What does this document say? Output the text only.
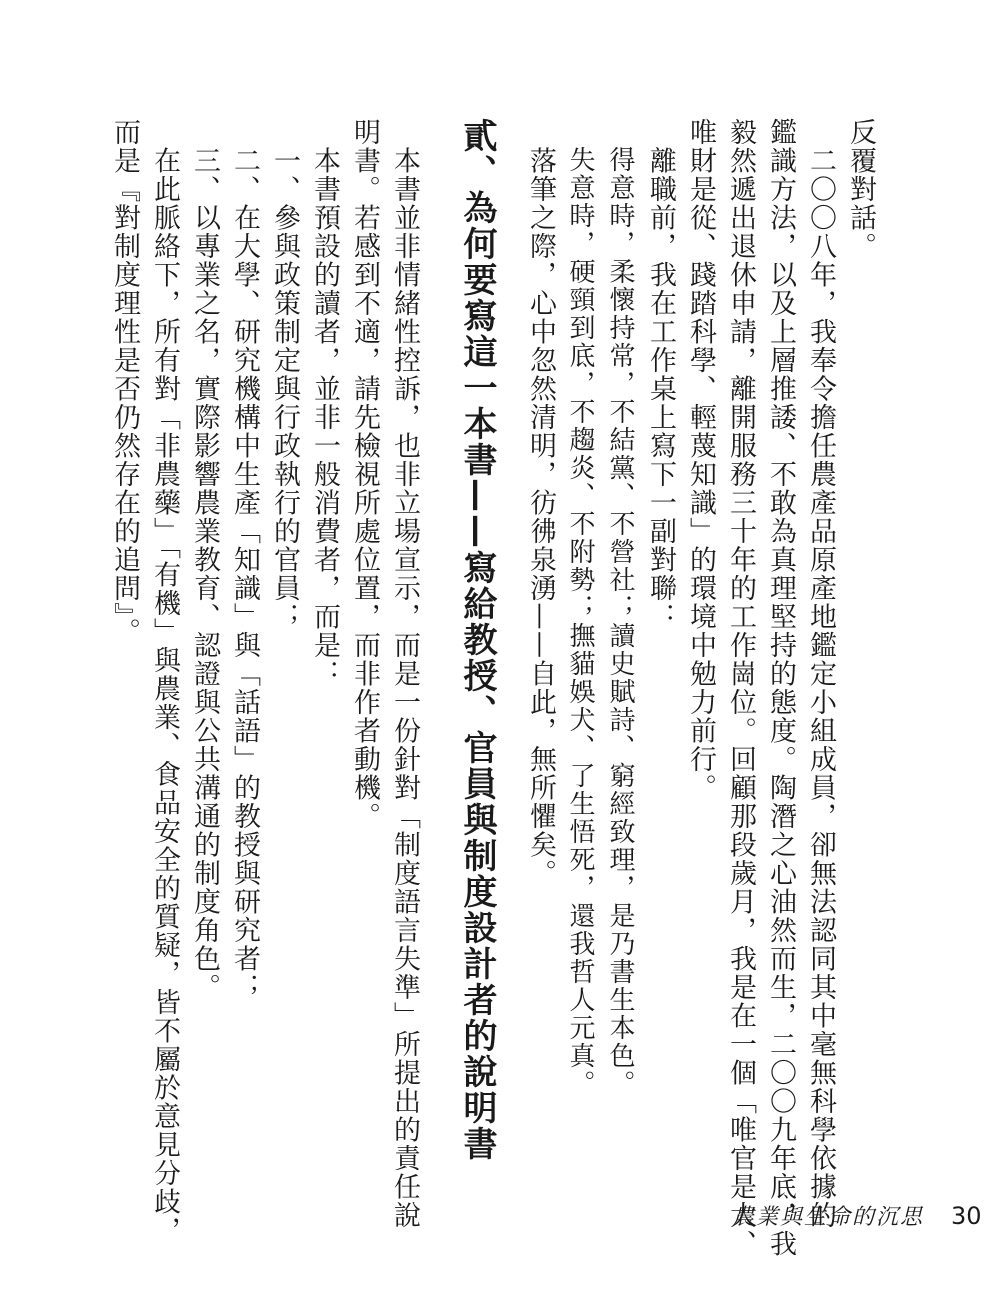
反覆對話。
　二〇〇八年，我奉令擔任農產品原產地鑑定小組成員，卻無法認同其中毫無科學依據的
鑑識方法，以及上層推諉、不敢為真理堅持的態度。陶潛之心油然而生，二〇〇九年底，我
毅然遞出退休申請，離開服務三十年的工作崗位。回顧那段歲月，我是在一個「唯官是大、
唯財是從、踐踏科學、輕蔑知識」的環境中勉力前行。
　離職前，我在工作桌上寫下一副對聯：
　得意時，柔懷持常，不結黨、不營社；讀史賦詩、窮經致理，是乃書生本色。
　失意時，硬頸到底，不趨炎、不附勢；撫貓娛犬、了生悟死，還我哲人元真。
　落筆之際，心中忽然清明，彷彿泉湧——自此，無所懼矣。
貳、為何要寫這一本書——寫給教授、官員與制度設計者的說明書
　本書並非情緒性控訴，也非立場宣示，而是一份針對「制度語言失準」所提出的責任說
明書。若感到不適，請先檢視所處位置，而非作者動機。
　本書預設的讀者，並非一般消費者，而是：
　一、參與政策制定與行政執行的官員；
　二、在大學、研究機構中生產「知識」與「話語」的教授與研究者；
　三、以專業之名，實際影響農業教育、認證與公共溝通的制度角色。
　在此脈絡下，所有對「非農藥」「有機」與農業、食品安全的質疑，皆不屬於意見分歧，
而是『對制度理性是否仍然存在的追問』。
農業與生命的沉思 30
